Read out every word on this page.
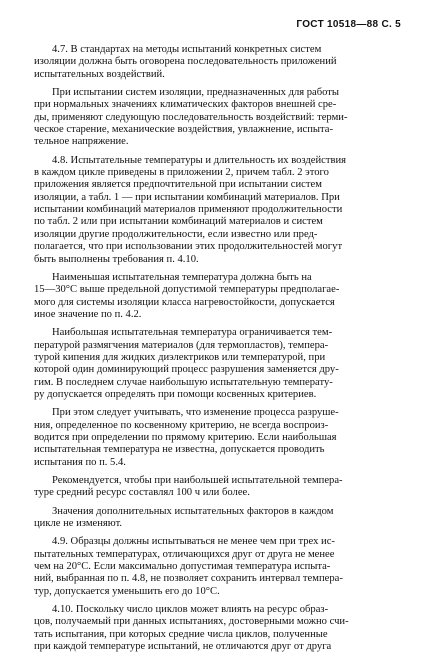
ГОСТ 10518—88 С. 5
4.7. В стандартах на методы испытаний конкретных систем
изоляции должна быть оговорена последовательность приложений
испытательных воздействий.
При испытании систем изоляции, предназначенных для работы
при нормальных значениях климатических факторов внешней сре-
ды, применяют следующую последовательность воздействий: терми-
ческое старение, механические воздействия, увлажнение, испыта-
тельное напряжение.
4.8. Испытательные температуры и длительность их воздействия
в каждом цикле приведены в приложении 2, причем табл. 2 этого
приложения является предпочтительной при испытании систем
изоляции, а табл. 1 — при испытании комбинаций материалов. При
испытании комбинаций материалов применяют продолжительности
по табл. 2 или при испытании комбинаций материалов и систем
изоляции другие продолжительности, если известно или пред-
полагается, что при использовании этих продолжительностей могут
быть выполнены требования п. 4.10.
Наименьшая испытательная температура должна быть на
15—30°С выше предельной допустимой температуры предполагае-
мого для системы изоляции класса нагревостойкости, допускается
иное значение по п. 4.2.
Наибольшая испытательная температура ограничивается тем-
пературой размягчения материалов (для термопластов), темпера-
турой кипения для жидких диэлектриков или температурой, при
которой один доминирующий процесс разрушения заменяется дру-
гим. В последнем случае наибольшую испытательную температу-
ру допускается определять при помощи косвенных критериев.
При этом следует учитывать, что изменение процесса разруше-
ния, определенное по косвенному критерию, не всегда воспроиз-
водится при определении по прямому критерию. Если наибольшая
испытательная температура не известна, допускается проводить
испытания по п. 5.4.
Рекомендуется, чтобы при наибольшей испытательной темпера-
туре средний ресурс составлял 100 ч или более.
Значения дополнительных испытательных факторов в каждом
цикле не изменяют.
4.9. Образцы должны испытываться не менее чем при трех ис-
пытательных температурах, отличающихся друг от друга не менее
чем на 20°С. Если максимально допустимая температура испыта-
ний, выбранная по п. 4.8, не позволяет сохранить интервал темпера-
тур, допускается уменьшить его до 10°С.
4.10. Поскольку число циклов может влиять на ресурс образ-
цов, получаемый при данных испытаниях, достоверными можно счи-
тать испытания, при которых средние числа циклов, полученные
при каждой температуре испытаний, не отличаются друг от друга
